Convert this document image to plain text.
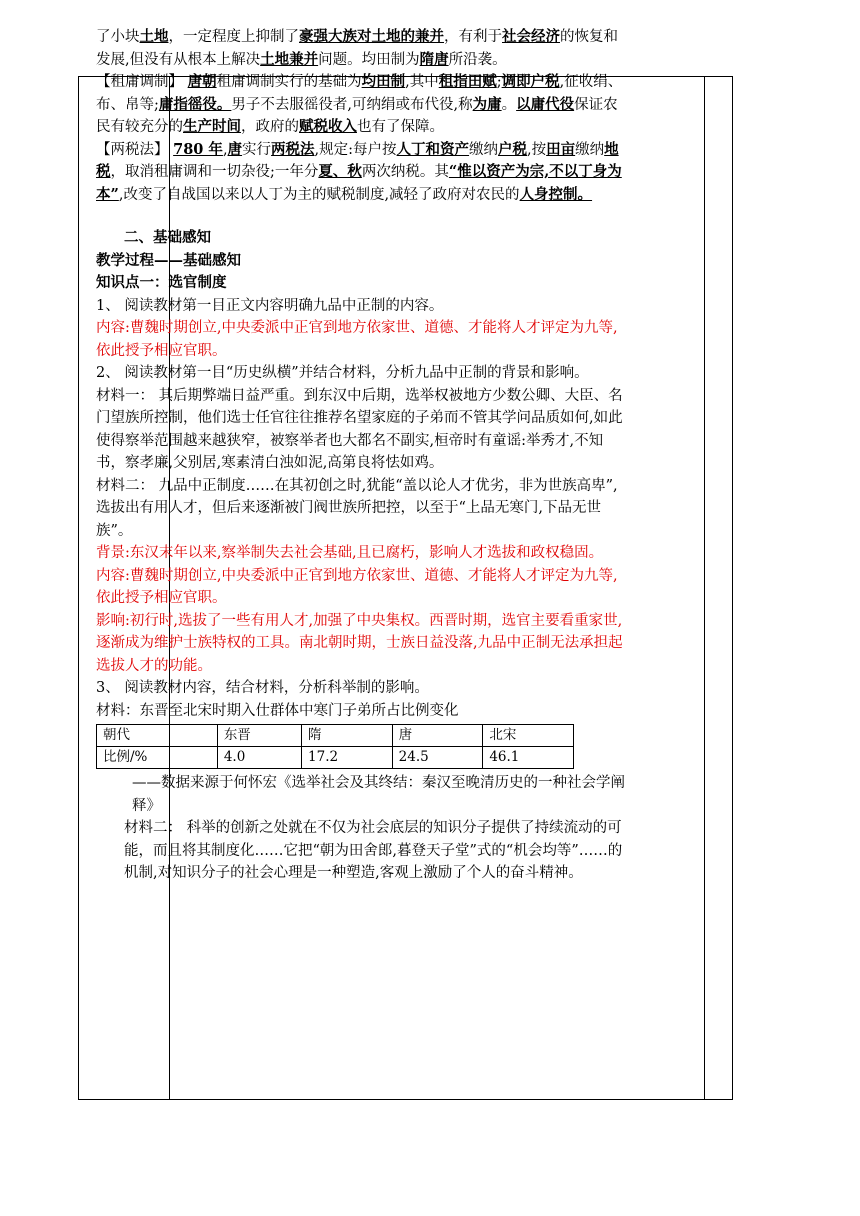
了小块土地，一定程度上抑制了豪强大族对土地的兼并，有利于社会经济的恢复和发展,但没有从根本上解决土地兼并问题。均田制为隋唐所沿袭。

【租庸调制】 唐朝租庸调制实行的基础为均田制,其中租指田赋;调即户税,征收绢、布、帛等;庸指徭役。男子不去服徭役者,可纳绢或布代役,称为庸。以庸代役保证农民有较充分的生产时间，政府的赋税收入也有了保障。

【两税法】 780 年,唐实行两税法,规定:每户按人丁和资产缴纳户税,按田亩缴纳地税，取消租庸调和一切杂役;一年分夏、秋两次纳税。其“惟以资产为宗,不以丁身为本”,改变了自战国以来以人丁为主的赋税制度,减轻了政府对农民的人身控制。

二、基础感知

教学过程——基础感知

知识点一：选官制度

1、 阅读教材第一目正文内容明确九品中正制的内容。

内容:曹魏时期创立,中央委派中正官到地方依家世、道德、才能将人才评定为九等,依此授予相应官职。

2、 阅读教材第一目“历史纵横”并结合材料，分析九品中正制的背景和影响。

材料一： 其后期弊端日益严重。到东汉中后期，选举权被地方少数公卿、大臣、名门望族所控制，他们选士任官往往推荐名望家庭的子弟而不管其学问品质如何,如此使得察举范围越来越狭窄，被察举者也大都名不副实,桓帝时有童谣:举秀才,不知书，察孝廉,父别居,寒素清白浊如泥,高第良将怯如鸡。

材料二： 九品中正制度……在其初创之时,犹能“盖以论人才优劣，非为世族高卑”,选拔出有用人才，但后来逐渐被门阀世族所把控，以至于“上品无寒门,下品无世族”。

背景:东汉末年以来,察举制失去社会基础,且已腐朽，影响人才选拔和政权稳固。

内容:曹魏时期创立,中央委派中正官到地方依家世、道德、才能将人才评定为九等,依此授予相应官职。

影响:初行时,选拔了一些有用人才,加强了中央集权。西晋时期，选官主要看重家世,逐渐成为维护士族特权的工具。南北朝时期，士族日益没落,九品中正制无法承担起选拔人才的功能。

3、 阅读教材内容，结合材料，分析科举制的影响。

材料：东晋至北宋时期入仕群体中寒门子弟所占比例变化

朝代	东晋	隋	唐	北宋
比例/%	4.0	17.2	24.5	46.1

——数据来源于何怀宏《选举社会及其终结：秦汉至晚清历史的一种社会学阐释》

材料二： 科举的创新之处就在不仅为社会底层的知识分子提供了持续流动的可能，而且将其制度化……它把“朝为田舍郎,暮登天子堂”式的“机会均等”……的机制,对知识分子的社会心理是一种塑造,客观上激励了个人的奋斗精神。
